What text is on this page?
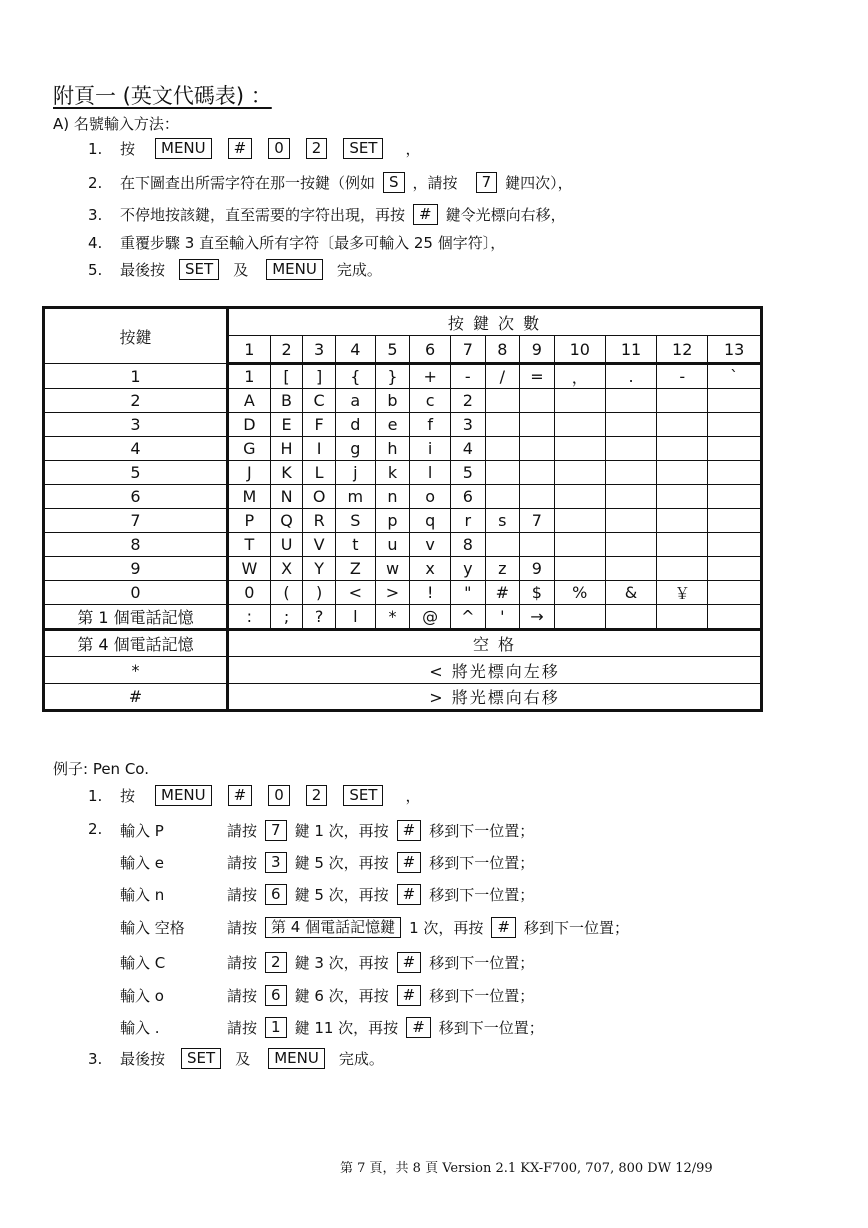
附頁一 (英文代碼表) ：
A) 名號輸入方法：
1.	按	MENU	#	0	2	SET	，
2.	在下圖查出所需字符在那一按鍵（例如 S ，請按	7 鍵四次），
3.	不停地按該鍵，直至需要的字符出現，再按 # 鍵令光標向右移，
4.	重覆步驟 3 直至輸入所有字符〔最多可輸入 25 個字符〕，
5.	最後按	SET	及	MENU	完成。
按鍵	按 鍵 次 數												
	1	2	3	4	5	6	7	8	9	10	11	12	13
1	1	[	]	{	}	+	-	/	=	，	.	-	`
2	A	B	C	a	b	c	2						
3	D	E	F	d	e	f	3						
4	G	H	I	g	h	i	4						
5	J	K	L	j	k	l	5						
6	M	N	O	m	n	o	6						
7	P	Q	R	S	p	q	r	s	7				
8	T	U	V	t	u	v	8						
9	W	X	Y	Z	w	x	y	z	9				
0	0	(	)	<	>	!	"	#	$	%	&	￥	
第 1 個電話記憶	:	;	?	l	*	@	^	'	→				
第 4 個電話記憶	空 格												
*	< 將光標向左移												
#	> 將光標向右移												
例子: Pen Co.
1.	按	MENU	#	0	2	SET	，
2. 輸入 P	請按 7 鍵 1 次，再按 # 移到下一位置；
輸入 e	請按 3 鍵 5 次，再按 # 移到下一位置；
輸入 n	請按 6 鍵 5 次，再按 # 移到下一位置；
輸入 空格	請按 第 4 個電話記憶鍵 1 次，再按 # 移到下一位置；
輸入 C	請按 2 鍵 3 次，再按 # 移到下一位置；
輸入 o	請按 6 鍵 6 次，再按 # 移到下一位置；
輸入 .	請按 1 鍵 11 次，再按 # 移到下一位置；
3.	最後按	SET	及	MENU	完成。
第 7 頁，共 8 頁 Version 2.1 KX-F700, 707, 800 DW 12/99
